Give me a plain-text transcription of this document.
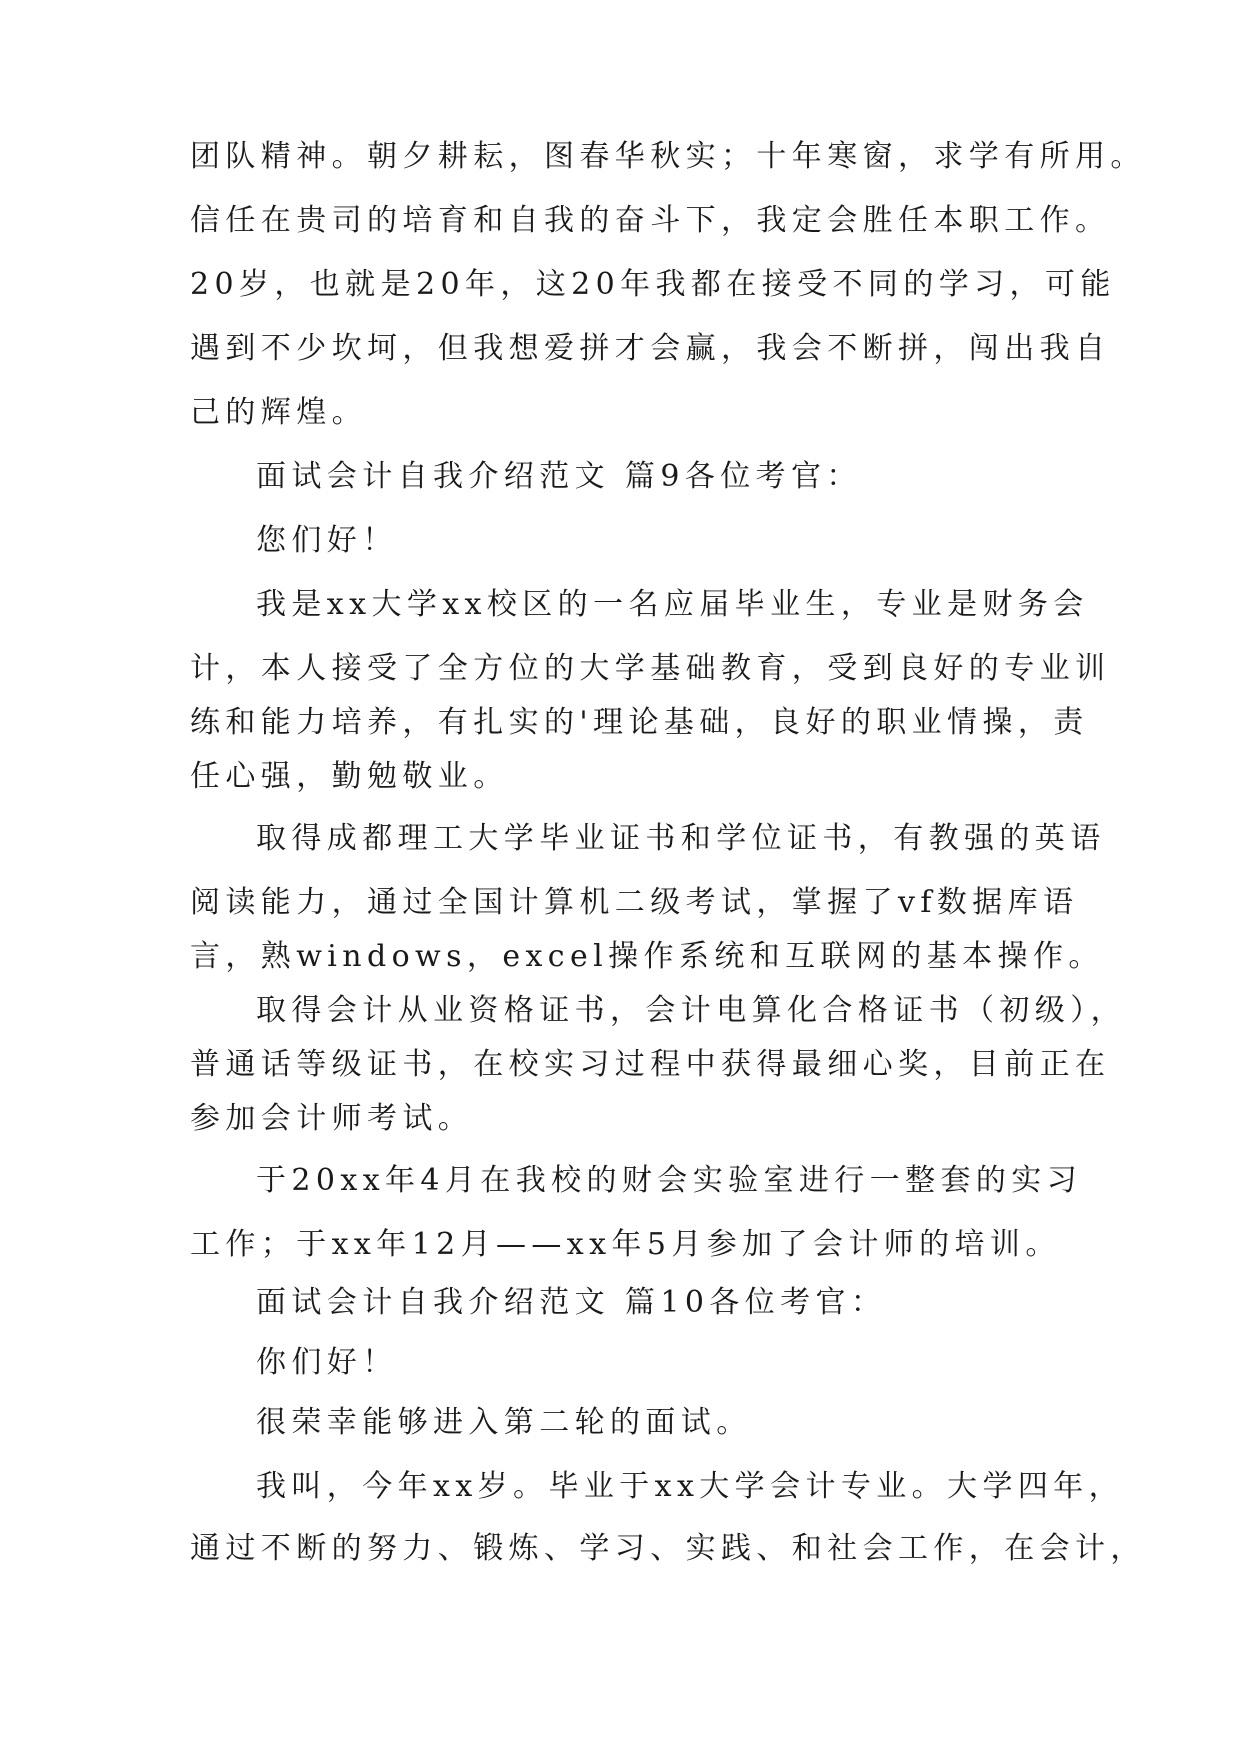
团队精神。朝夕耕耘，图春华秋实；十年寒窗，求学有所用。
信任在贵司的培育和自我的奋斗下，我定会胜任本职工作。
20岁，也就是20年，这20年我都在接受不同的学习，可能
遇到不少坎坷，但我想爱拼才会赢，我会不断拼，闯出我自
己的辉煌。
面试会计自我介绍范文 篇9各位考官：
您们好！
我是xx大学xx校区的一名应届毕业生，专业是财务会
计，本人接受了全方位的大学基础教育，受到良好的专业训
练和能力培养，有扎实的'理论基础，良好的职业情操，责
任心强，勤勉敬业。
取得成都理工大学毕业证书和学位证书，有教强的英语
阅读能力，通过全国计算机二级考试，掌握了vf数据库语
言，熟windows，excel操作系统和互联网的基本操作。
取得会计从业资格证书，会计电算化合格证书（初级），
普通话等级证书，在校实习过程中获得最细心奖，目前正在
参加会计师考试。
于20xx年4月在我校的财会实验室进行一整套的实习
工作；于xx年12月——xx年5月参加了会计师的培训。
面试会计自我介绍范文 篇10各位考官：
你们好！
很荣幸能够进入第二轮的面试。
我叫，今年xx岁。毕业于xx大学会计专业。大学四年，
通过不断的努力、锻炼、学习、实践、和社会工作，在会计，
